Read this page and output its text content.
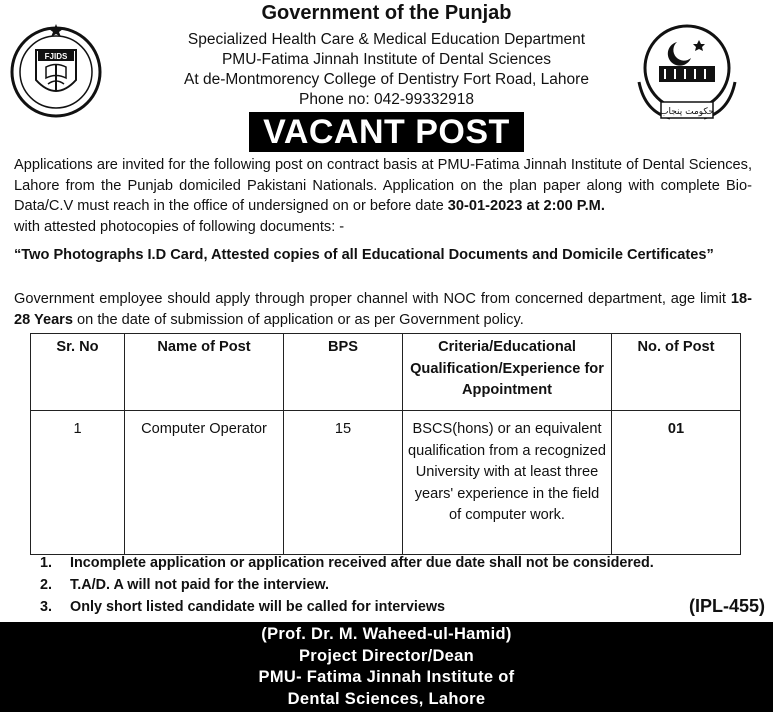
FJIDS
حکومت پنجاب
Government of the Punjab
Specialized Health Care & Medical Education Department
PMU-Fatima Jinnah Institute of Dental Sciences
At de-Montmorency College of Dentistry Fort Road, Lahore
Phone no: 042-99332918
VACANT POST
Applications are invited for the following post on contract basis at PMU-Fatima Jinnah Institute of Dental Sciences, Lahore from the Punjab domiciled Pakistani Nationals. Application on the plan paper along with complete Bio-Data/C.V must reach in the office of undersigned on or before date 30-01-2023 at 2:00 P.M.
with attested photocopies of following documents: -
“Two Photographs I.D Card, Attested copies of all Educational Documents and Domicile Certificates”
Government employee should apply through proper channel with NOC from concerned department, age limit 18-28 Years on the date of submission of application or as per Government policy.
Sr. No	Name of Post	BPS	Criteria/Educational Qualification/Experience for Appointment	No. of Post
1	Computer Operator	15	BSCS(hons) or an equivalent qualification from a recognized University with at least three years' experience in the field of computer work.	01
1. Incomplete application or application received after due date shall not be considered.
2. T.A/D. A will not paid for the interview.
3. Only short listed candidate will be called for interviews	(IPL-455)
(Prof. Dr. M. Waheed-ul-Hamid)
Project Director/Dean
PMU- Fatima Jinnah Institute of
Dental Sciences, Lahore
